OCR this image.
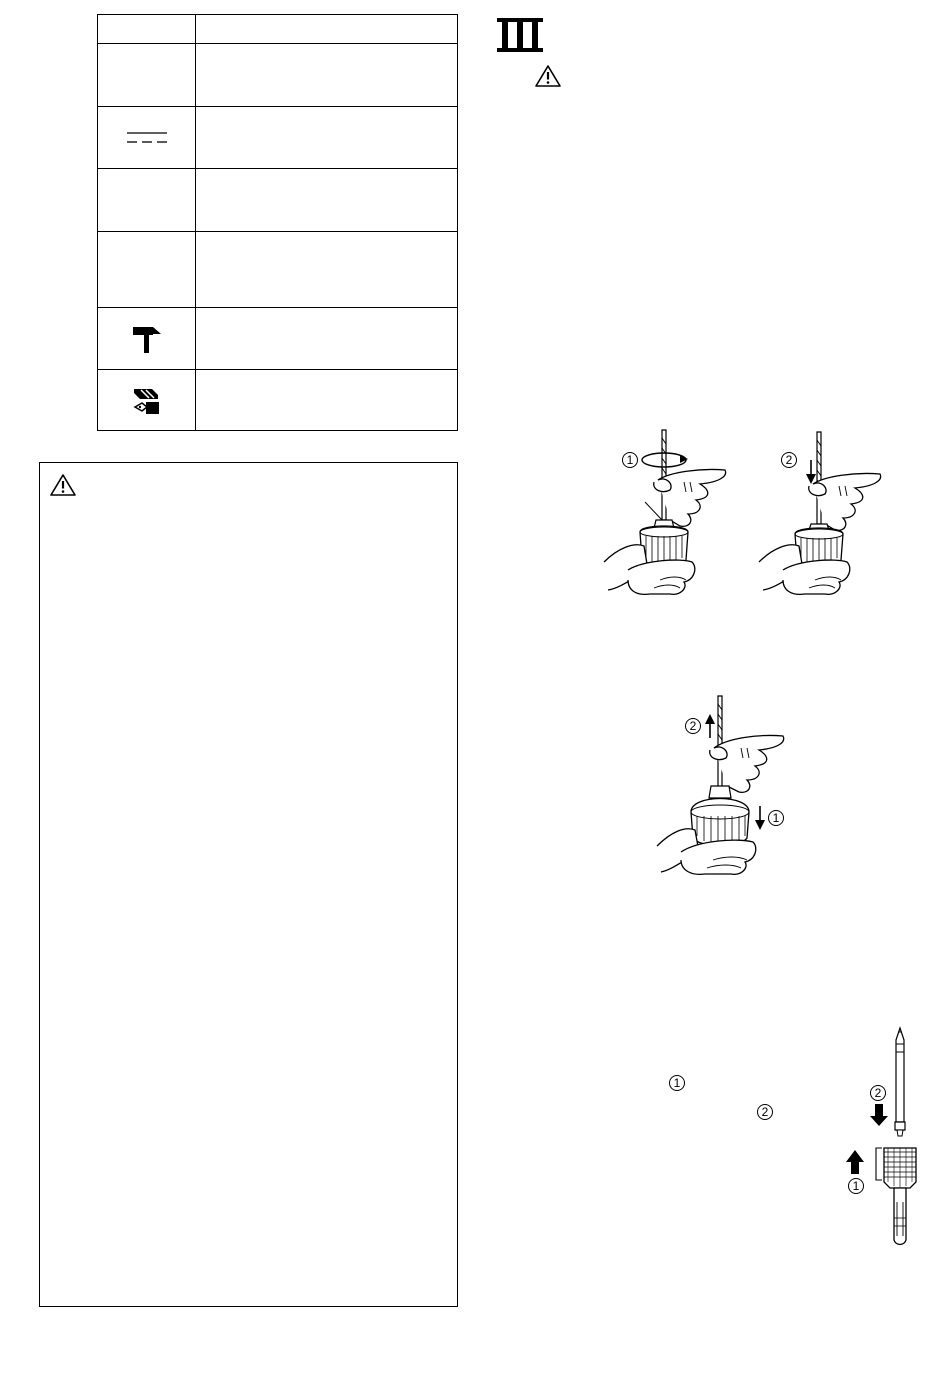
1	2
2
1
1
2
2
1
